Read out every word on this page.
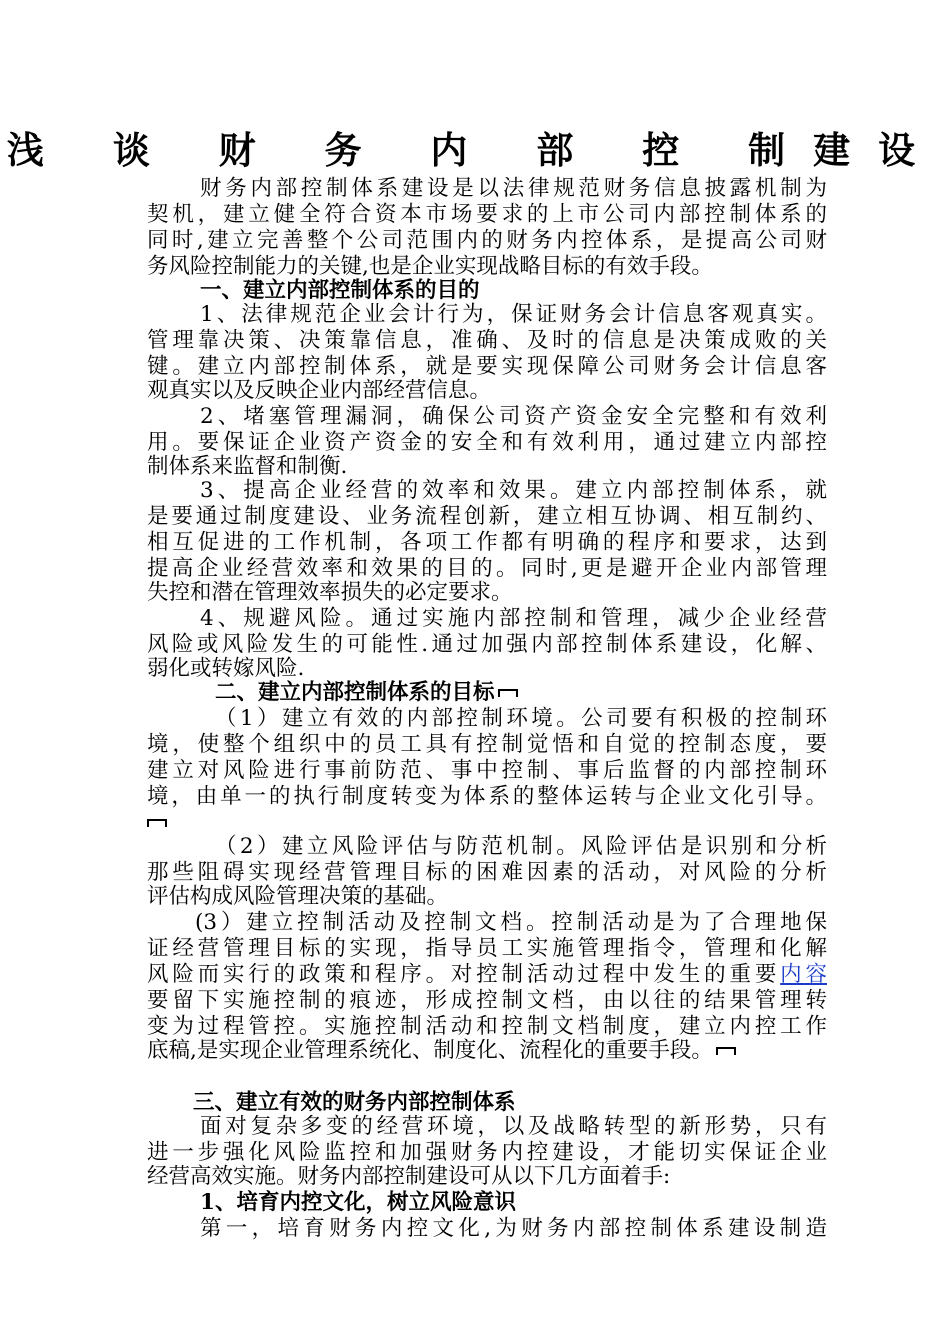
浅 谈 财 务 内 部 控 制建设
财务内部控制体系建设是以法律规范财务信息披露机制为
契机，建立健全符合资本市场要求的上市公司内部控制体系的
同时,建立完善整个公司范围内的财务内控体系，是提高公司财
务风险控制能力的关键,也是企业实现战略目标的有效手段。
一、建立内部控制体系的目的
1、法律规范企业会计行为，保证财务会计信息客观真实。
管理靠决策、决策靠信息，准确、及时的信息是决策成败的关
键。建立内部控制体系，就是要实现保障公司财务会计信息客
观真实以及反映企业内部经营信息。
2、堵塞管理漏洞，确保公司资产资金安全完整和有效利
用。要保证企业资产资金的安全和有效利用，通过建立内部控
制体系来监督和制衡.
3、提高企业经营的效率和效果。建立内部控制体系，就
是要通过制度建设、业务流程创新，建立相互协调、相互制约、
相互促进的工作机制，各项工作都有明确的程序和要求，达到
提高企业经营效率和效果的目的。同时,更是避开企业内部管理
失控和潜在管理效率损失的必定要求。
4、规避风险。通过实施内部控制和管理，减少企业经营
风险或风险发生的可能性.通过加强内部控制体系建设，化解、
弱化或转嫁风险.
二、建立内部控制体系的目标
（1）建立有效的内部控制环境。公司要有积极的控制环
境，使整个组织中的员工具有控制觉悟和自觉的控制态度，要
建立对风险进行事前防范、事中控制、事后监督的内部控制环
境，由单一的执行制度转变为体系的整体运转与企业文化引导。
（2）建立风险评估与防范机制。风险评估是识别和分析
那些阻碍实现经营管理目标的困难因素的活动，对风险的分析
评估构成风险管理决策的基础。
(3）建立控制活动及控制文档。控制活动是为了合理地保
证经营管理目标的实现，指导员工实施管理指令，管理和化解
风险而实行的政策和程序。对控制活动过程中发生的重要内容
要留下实施控制的痕迹，形成控制文档，由以往的结果管理转
变为过程管控。实施控制活动和控制文档制度，建立内控工作
底稿,是实现企业管理系统化、制度化、流程化的重要手段。
三、建立有效的财务内部控制体系
面对复杂多变的经营环境，以及战略转型的新形势，只有
进一步强化风险监控和加强财务内控建设，才能切实保证企业
经营高效实施。财务内部控制建设可从以下几方面着手:
1、培育内控文化，树立风险意识
第一，培育财务内控文化,为财务内部控制体系建设制造
